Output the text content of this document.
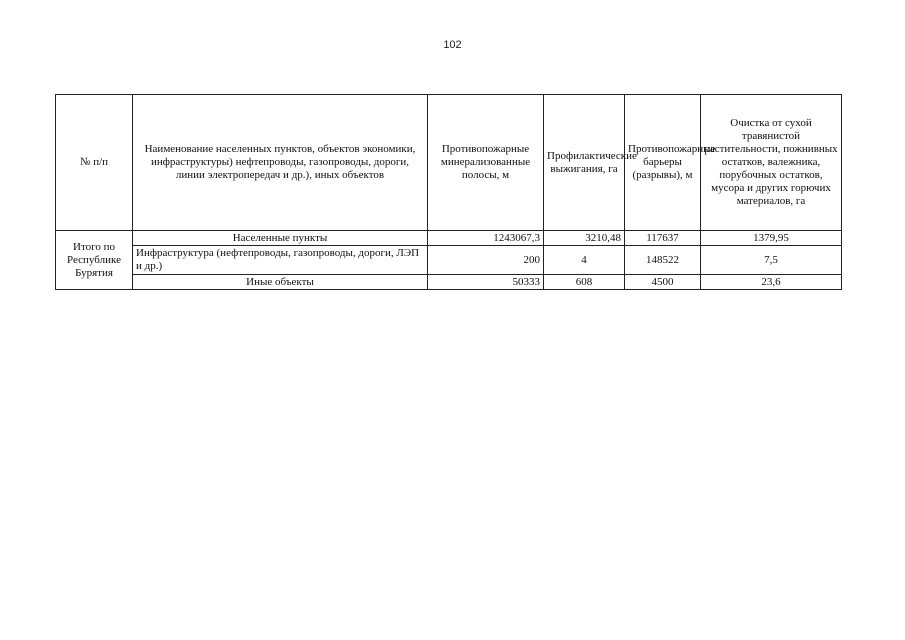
102
№ п/п	Наименование населенных пунктов, объектов экономики, инфраструктуры) нефтепроводы, газопроводы, дороги, линии электропередач и др.), иных объектов	Противопожарные минерализованные полосы, м	Профилактические выжигания, га	Противопожарные барьеры (разрывы), м	Очистка от сухой травянистой растительности, пожнивных остатков, валежника, порубочных остатков, мусора и других горючих материалов, га
Итого по Республике Бурятия	Населенные пункты	1243067,3	3210,48	117637	1379,95
	Инфраструктура (нефтепроводы, газопроводы, дороги, ЛЭП и др.)	200	4	148522	7,5
	Иные объекты	50333	608	4500	23,6
